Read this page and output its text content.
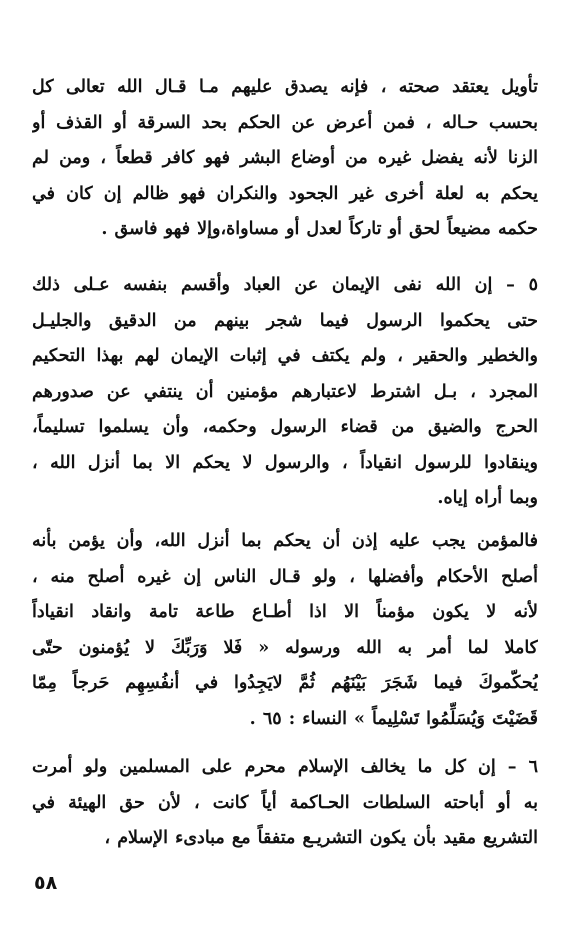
تأويل يعتقد صحته ، فإنه يصدق عليهم مـا قـال الله تعالى كل
بحسب حـاله ، فمن أعرض عن الحكم بحد السرقة أو القذف أو
الزنا لأنه يفضل غيره من أوضاع البشر فهو كافر قطعاً ، ومن لم
يحكم به لعلة أخرى غير الجحود والنكران فهو ظالم إن كان في
حكمه مضيعاً لحق أو تاركاً لعدل أو مساواة،وإلا فهو فاسق .
٥ – إن الله نفى الإيمان عن العباد وأقسم بنفسه عـلى ذلك
حتى يحكموا الرسول فيما شجر بينهم من الدقيق والجليـل
والخطير والحقير ، ولم يكتف في إثبات الإيمان لهم بهذا التحكيم
المجرد ، بـل اشترط لاعتبارهم مؤمنين أن ينتفي عن صدورهم
الحرج والضيق من قضاء الرسول وحكمه، وأن يسلموا تسليماً،
وينقادوا للرسول انقياداً ، والرسول لا يحكم الا بما أنزل الله ،
وبما أراه إياه.
فالمؤمن يجب عليه إذن أن يحكم بما أنزل الله، وأن يؤمن بأنه
أصلح الأحكام وأفضلها ، ولو قـال الناس إن غيره أصلح منه ،
لأنه لا يكون مؤمناً الا اذا أطـاع طاعة تامة وانقاد انقياداً
كاملا لما أمر به الله ورسوله « فَلا وَرَبِّكَ لا يُؤمنون حتّى
يُحكّموكَ فيما شَجَرَ بَيْنَهُم ثُمَّ لايَجِدُوا في أنفُسِهِم حَرجاً مِمّا
قَضَيْتَ وَيُسَلِّمُوا تَسْلِيماً » النساء : ٦٥ .
٦ – إن كل ما يخالف الإسلام محرم على المسلمين ولو أمرت
به أو أباحته السلطات الحـاكمة أياً كانت ، لأن حق الهيئة في
التشريع مقيد بأن يكون التشريـع متفقاً مع مبادىء الإسلام ،
٥٨
